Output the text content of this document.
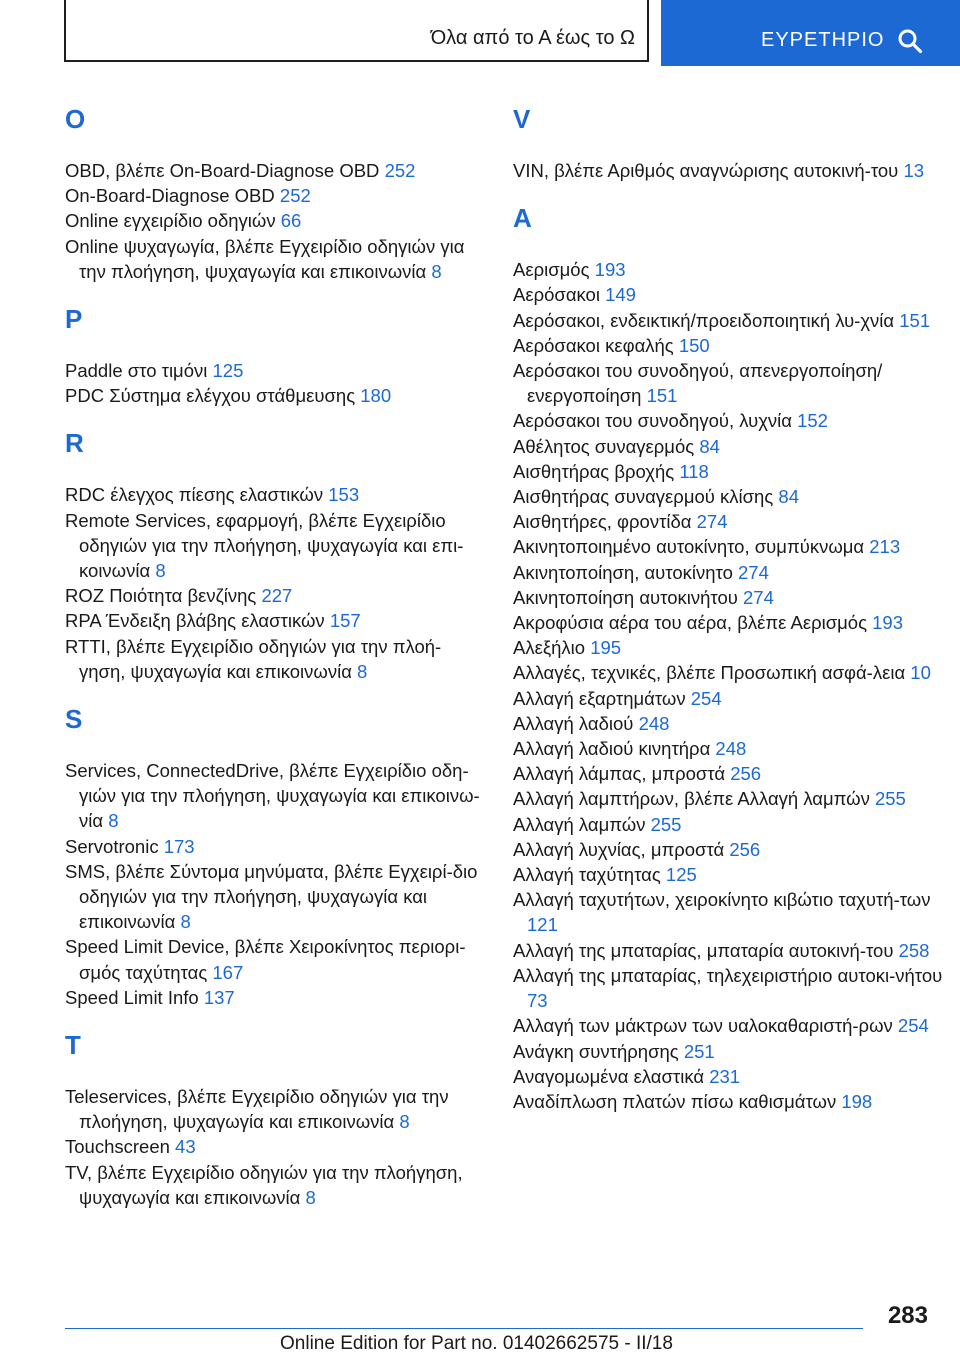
Όλα από το Α έως το Ω	ΕΥΡΕΤΗΡΙΟ
O
OBD, βλέπε On-Board-Diagnose OBD 252
On-Board-Diagnose OBD 252
Online εγχειρίδιο οδηγιών 66
Online ψυχαγωγία, βλέπε Εγχειρίδιο οδηγιών για την πλοήγηση, ψυχαγωγία και επικοινωνία 8
P
Paddle στο τιμόνι 125
PDC Σύστημα ελέγχου στάθμευσης 180
R
RDC έλεγχος πίεσης ελαστικών 153
Remote Services, εφαρμογή, βλέπε Εγχειρίδιο οδηγιών για την πλοήγηση, ψυχαγωγία και επι-κοινωνία 8
ROZ Ποιότητα βενζίνης 227
RPA Ένδειξη βλάβης ελαστικών 157
RTTI, βλέπε Εγχειρίδιο οδηγιών για την πλοή-γηση, ψυχαγωγία και επικοινωνία 8
S
Services, ConnectedDrive, βλέπε Εγχειρίδιο οδη-γιών για την πλοήγηση, ψυχαγωγία και επικοινω-νία 8
Servotronic 173
SMS, βλέπε Σύντομα μηνύματα, βλέπε Εγχειρί-διο οδηγιών για την πλοήγηση, ψυχαγωγία και επικοινωνία 8
Speed Limit Device, βλέπε Χειροκίνητος περιορι-σμός ταχύτητας 167
Speed Limit Info 137
T
Teleservices, βλέπε Εγχειρίδιο οδηγιών για την πλοήγηση, ψυχαγωγία και επικοινωνία 8
Touchscreen 43
TV, βλέπε Εγχειρίδιο οδηγιών για την πλοήγηση, ψυχαγωγία και επικοινωνία 8
V
VIN, βλέπε Αριθμός αναγνώρισης αυτοκινή-του 13
Α
Αερισμός 193
Αερόσακοι 149
Αερόσακοι, ενδεικτική/προειδοποιητική λυ-χνία 151
Αερόσακοι κεφαλής 150
Αερόσακοι του συνοδηγού, απενεργοποίηση/ ενεργοποίηση 151
Αερόσακοι του συνοδηγού, λυχνία 152
Αθέλητος συναγερμός 84
Αισθητήρας βροχής 118
Αισθητήρας συναγερμού κλίσης 84
Αισθητήρες, φροντίδα 274
Ακινητοποιημένο αυτοκίνητο, συμπύκνωμα 213
Ακινητοποίηση, αυτοκίνητο 274
Ακινητοποίηση αυτοκινήτου 274
Ακροφύσια αέρα του αέρα, βλέπε Αερισμός 193
Αλεξήλιο 195
Αλλαγές, τεχνικές, βλέπε Προσωπική ασφά-λεια 10
Αλλαγή εξαρτημάτων 254
Αλλαγή λαδιού 248
Αλλαγή λαδιού κινητήρα 248
Αλλαγή λάμπας, μπροστά 256
Αλλαγή λαμπτήρων, βλέπε Αλλαγή λαμπών 255
Αλλαγή λαμπών 255
Αλλαγή λυχνίας, μπροστά 256
Αλλαγή ταχύτητας 125
Αλλαγή ταχυτήτων, χειροκίνητο κιβώτιο ταχυτή-των 121
Αλλαγή της μπαταρίας, μπαταρία αυτοκινή-του 258
Αλλαγή της μπαταρίας, τηλεχειριστήριο αυτοκι-νήτου 73
Αλλαγή των μάκτρων των υαλοκαθαριστή-ρων 254
Ανάγκη συντήρησης 251
Αναγομωμένα ελαστικά 231
Αναδίπλωση πλατών πίσω καθισμάτων 198
283
Online Edition for Part no. 01402662575 - II/18
